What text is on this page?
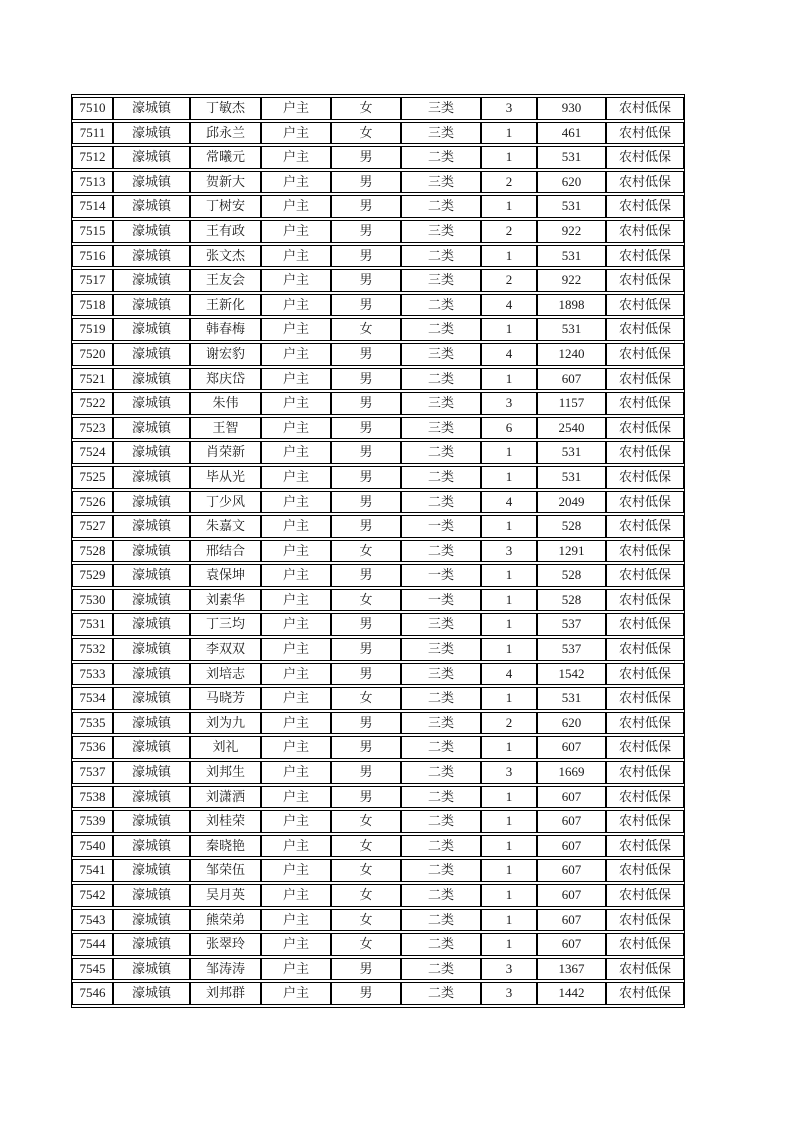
7510	濠城镇	丁敏杰	户主	女	三类	3	930	农村低保
7511	濠城镇	邱永兰	户主	女	三类	1	461	农村低保
7512	濠城镇	常曦元	户主	男	二类	1	531	农村低保
7513	濠城镇	贺新大	户主	男	三类	2	620	农村低保
7514	濠城镇	丁树安	户主	男	二类	1	531	农村低保
7515	濠城镇	王有政	户主	男	三类	2	922	农村低保
7516	濠城镇	张文杰	户主	男	二类	1	531	农村低保
7517	濠城镇	王友会	户主	男	三类	2	922	农村低保
7518	濠城镇	王新化	户主	男	二类	4	1898	农村低保
7519	濠城镇	韩春梅	户主	女	二类	1	531	农村低保
7520	濠城镇	谢宏豹	户主	男	三类	4	1240	农村低保
7521	濠城镇	郑庆岱	户主	男	二类	1	607	农村低保
7522	濠城镇	朱伟	户主	男	三类	3	1157	农村低保
7523	濠城镇	王智	户主	男	三类	6	2540	农村低保
7524	濠城镇	肖荣新	户主	男	二类	1	531	农村低保
7525	濠城镇	毕从光	户主	男	二类	1	531	农村低保
7526	濠城镇	丁少风	户主	男	二类	4	2049	农村低保
7527	濠城镇	朱嘉文	户主	男	一类	1	528	农村低保
7528	濠城镇	邢结合	户主	女	二类	3	1291	农村低保
7529	濠城镇	袁保坤	户主	男	一类	1	528	农村低保
7530	濠城镇	刘素华	户主	女	一类	1	528	农村低保
7531	濠城镇	丁三均	户主	男	三类	1	537	农村低保
7532	濠城镇	李双双	户主	男	三类	1	537	农村低保
7533	濠城镇	刘培志	户主	男	三类	4	1542	农村低保
7534	濠城镇	马晓芳	户主	女	二类	1	531	农村低保
7535	濠城镇	刘为九	户主	男	三类	2	620	农村低保
7536	濠城镇	刘礼	户主	男	二类	1	607	农村低保
7537	濠城镇	刘邦生	户主	男	二类	3	1669	农村低保
7538	濠城镇	刘潇洒	户主	男	二类	1	607	农村低保
7539	濠城镇	刘桂荣	户主	女	二类	1	607	农村低保
7540	濠城镇	秦晓艳	户主	女	二类	1	607	农村低保
7541	濠城镇	邹荣伍	户主	女	二类	1	607	农村低保
7542	濠城镇	吴月英	户主	女	二类	1	607	农村低保
7543	濠城镇	熊荣弟	户主	女	二类	1	607	农村低保
7544	濠城镇	张翠玲	户主	女	二类	1	607	农村低保
7545	濠城镇	邹涛涛	户主	男	二类	3	1367	农村低保
7546	濠城镇	刘邦群	户主	男	二类	3	1442	农村低保
